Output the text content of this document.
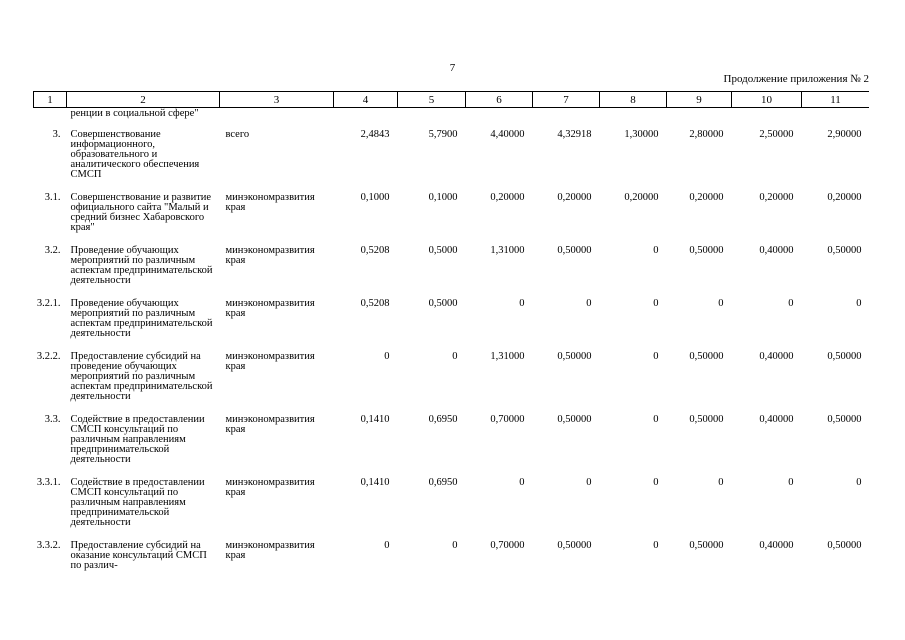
7
Продолжение приложения № 2
1	2	3	4	5	6	7	8	9	10	11
	ренции в социальной сфере"									
3.	Совершенствование информационного, образовательного и аналитического обеспечения СМСП	всего	2,4843	5,7900	4,40000	4,32918	1,30000	2,80000	2,50000	2,90000
3.1.	Совершенствование и развитие официального сайта "Малый и средний бизнес Хабаровского края"	минэкономразвития края	0,1000	0,1000	0,20000	0,20000	0,20000	0,20000	0,20000	0,20000
3.2.	Проведение обучающих мероприятий по различным аспектам предпринимательской деятельности	минэкономразвития края	0,5208	0,5000	1,31000	0,50000	0	0,50000	0,40000	0,50000
3.2.1.	Проведение обучающих мероприятий по различным аспектам предпринимательской деятельности	минэкономразвития края	0,5208	0,5000	0	0	0	0	0	0
3.2.2.	Предоставление субсидий на проведение обучающих мероприятий по различным аспектам предпринимательской деятельности	минэкономразвития края	0	0	1,31000	0,50000	0	0,50000	0,40000	0,50000
3.3.	Содействие в предоставлении СМСП консультаций по различным направлениям предпринимательской деятельности	минэкономразвития края	0,1410	0,6950	0,70000	0,50000	0	0,50000	0,40000	0,50000
3.3.1.	Содействие в предоставлении СМСП консультаций по различным направлениям предпринимательской деятельности	минэкономразвития края	0,1410	0,6950	0	0	0	0	0	0
3.3.2.	Предоставление субсидий на оказание консультаций СМСП по различ-	минэкономразвития края	0	0	0,70000	0,50000	0	0,50000	0,40000	0,50000
